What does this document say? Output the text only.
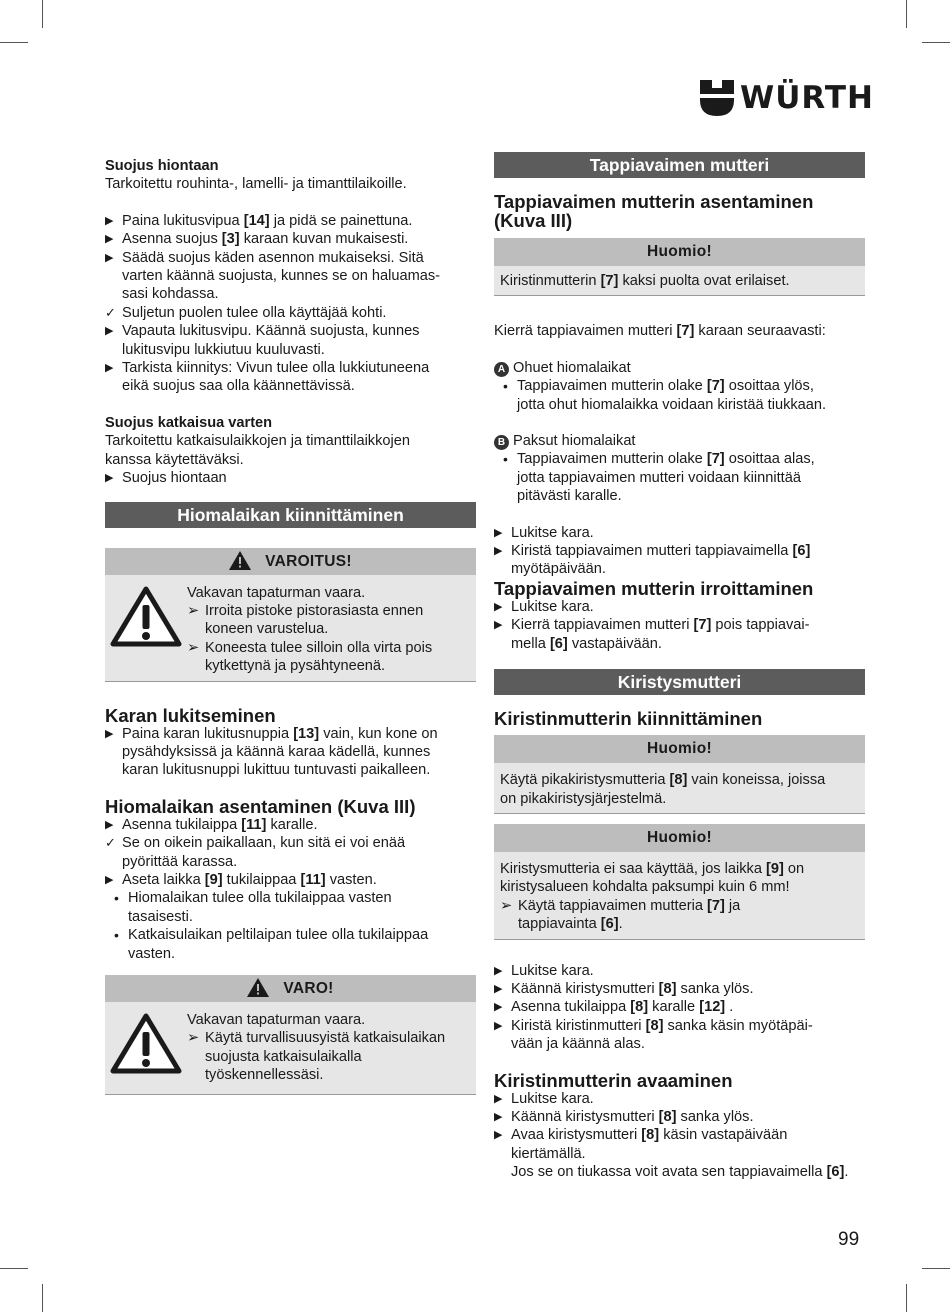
WÜRTH

Suojus hiontaan

Tarkoitettu rouhinta-, lamelli- ja timanttilaikoille.

▶ Paina lukitusvipua [14] ja pidä se painettuna.
▶ Asenna suojus [3] karaan kuvan mukaisesti.
▶ Säädä suojus käden asennon mukaiseksi. Sitä
varten käännä suojusta, kunnes se on haluamas-
sasi kohdassa.
✓ Suljetun puolen tulee olla käyttäjää kohti.
▶ Vapauta lukitusvipu. Käännä suojusta, kunnes
lukitusvipu lukkiutuu kuuluvasti.
▶ Tarkista kiinnitys: Vivun tulee olla lukkiutuneena
eikä suojus saa olla käännettävissä.

Suojus katkaisua varten

Tarkoitettu katkaisulaikkojen ja timanttilaikkojen
kanssa käytettäväksi.

▶ Suojus hiontaan
Hiomalaikan kiinnittäminen
VAROITUS!

Vakavan tapaturman vaara.

➢ Irroita pistoke pistorasiasta ennen
koneen varustelua.
➢ Koneesta tulee silloin olla virta pois
kytkettynä ja pysähtyneenä.

Karan lukitseminen

▶ Paina karan lukitusnuppia [13] vain, kun kone on
pysähdyksissä ja käännä karaa kädellä, kunnes
karan lukitusnuppi lukittuu tuntuvasti paikalleen.

Hiomalaikan asentaminen (Kuva III)

▶ Asenna tukilaippa [11] karalle.
✓ Se on oikein paikallaan, kun sitä ei voi enää
pyörittää karassa.
▶ Aseta laikka [9] tukilaippaa [11] vasten.
• Hiomalaikan tulee olla tukilaippaa vasten
tasaisesti.
• Katkaisulaikan peltilaipan tulee olla tukilaippaa
vasten.
VARO!

Vakavan tapaturman vaara.

➢ Käytä turvallisuusyistä katkaisulaikan
suojusta katkaisulaikalla
työskennellessäsi.
Tappiavaimen mutteri

Tappiavaimen mutterin asentaminen
(Kuva III)

Huomio!
Kiristinmutterin [7] kaksi puolta ovat erilaiset.

Kierrä tappiavaimen mutteri [7] karaan seuraavasti:

A Ohuet hiomalaikat

• Tappiavaimen mutterin olake [7] osoittaa ylös,
jotta ohut hiomalaikka voidaan kiristää tiukkaan.

B Paksut hiomalaikat

• Tappiavaimen mutterin olake [7] osoittaa alas,
jotta tappiavaimen mutteri voidaan kiinnittää
pitävästi karalle.
▶ Lukitse kara.
▶ Kiristä tappiavaimen mutteri tappiavaimella [6]
myötäpäivään.

Tappiavaimen mutterin irroittaminen

▶ Lukitse kara.
▶ Kierrä tappiavaimen mutteri [7] pois tappiavai-
mella [6] vastapäivään.
Kiristysmutteri

Kiristinmutterin kiinnittäminen

Huomio!
Käytä pikakiristysmutteria [8] vain koneissa, joissa
on pikakiristysjärjestelmä.
Huomio!
Kiristysmutteria ei saa käyttää, jos laikka [9] on
kiristysalueen kohdalta paksumpi kuin 6 mm!
➢ Käytä tappiavaimen mutteria [7] ja
tappiavainta [6].
▶ Lukitse kara.
▶ Käännä kiristysmutteri [8] sanka ylös.
▶ Asenna tukilaippa [8] karalle [12] .
▶ Kiristä kiristinmutteri [8] sanka käsin myötäpäi-
vään ja käännä alas.

Kiristinmutterin avaaminen

▶ Lukitse kara.
▶ Käännä kiristysmutteri [8] sanka ylös.
▶ Avaa kiristysmutteri [8] käsin vastapäivään
kiertämällä.
Jos se on tiukassa voit avata sen tappiavaimella [6].
99
